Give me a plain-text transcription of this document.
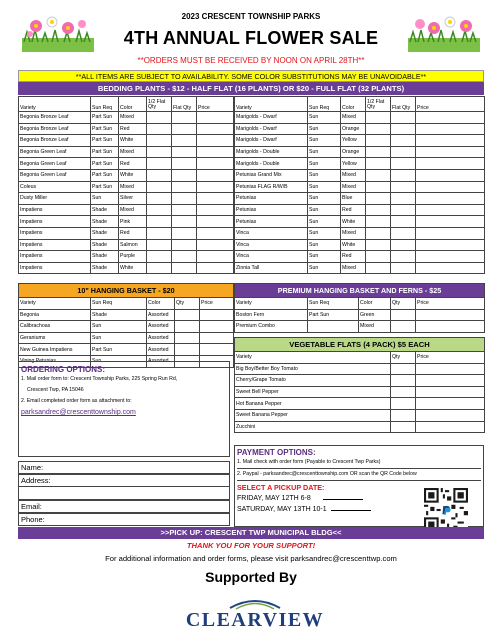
2023 CRESCENT TOWNSHIP PARKS
4TH ANNUAL FLOWER SALE
**ORDERS MUST BE RECEIVED BY NOON ON APRIL 28TH**
**ALL ITEMS ARE SUBJECT TO AVAILABILITY. SOME COLOR SUBSTITUTIONS MAY BE UNAVOIDABLE**
BEDDING PLANTS - $12 - HALF FLAT (16 PLANTS) OR $20 - FULL FLAT (32 PLANTS)
Variety	Sun Req	Color	1/2 Flat Qty	Flat Qty	Price
Begonia Bronze Leaf	Part Sun	Mixed			
Begonia Bronze Leaf	Part Sun	Red			
Begonia Bronze Leaf	Part Sun	White			
Begonia Green Leaf	Part Sun	Mixed			
Begonia Green Leaf	Part Sun	Red			
Begonia Green Leaf	Part Sun	White			
Coleus	Part Sun	Mixed			
Dusty Miller	Sun	Silver			
Impatiens	Shade	Mixed			
Impatiens	Shade	Pink			
Impatiens	Shade	Red			
Impatiens	Shade	Salmon			
Impatiens	Shade	Purple			
Impatiens	Shade	White			
Variety	Sun Req	Color	1/2 Flat Qty	Flat Qty	Price
Marigolds - Dwarf	Sun	Mixed			
Marigolds - Dwarf	Sun	Orange			
Marigolds - Dwarf	Sun	Yellow			
Marigolds - Double	Sun	Orange			
Marigolds - Double	Sun	Yellow			
Petunias Grand Mix	Sun	Mixed			
Petunias FLAG R/W/B	Sun	Mixed			
Petunias	Sun	Blue			
Petunias	Sun	Red			
Petunias	Sun	White			
Vinca	Sun	Mixed			
Vinca	Sun	White			
Vinca	Sun	Red			
Zinnia Tall	Sun	Mixed			
10" HANGING BASKET - $20				
Variety	Sun Req	Color	Qty	Price
Begonia	Shade	Assorted		
Calibrachoas	Sun	Assorted		
Geraniums	Sun	Assorted		
New Guinea Impatiens	Part Sun	Assorted		
Vining Petunias	Sun	Assorted		
PREMIUM HANGING BASKET AND FERNS - $25				
Variety	Sun Req	Color	Qty	Price
Boston Fern	Part Sun	Green		
Premium Combo		Mixed		
VEGETABLE FLATS (4 PACK) $5 EACH		
Variety	Qty	Price
Big Boy/Better Boy Tomato		
Cherry/Grape Tomato		
Sweet Bell Pepper		
Hot Banana Pepper		
Sweet Banana Pepper		
Zucchini		
ORDERING OPTIONS:
1. Mail order form to: Crescent Township Parks, 225 Spring Run Rd,
Crescent Twp, PA 15046
2. Email completed order form as attachment to:
parksandrec@crescenttownship.com
Name:
Address:
Email:
Phone:
PAYMENT OPTIONS:
1. Mail check with order form (Payable to Crescent Twp Parks)
2. Paypal - parksandrec@crescenttownship.com OR scan the QR Code below
SELECT A PICKUP DATE:
FRIDAY, MAY 12TH 6-8
SATURDAY, MAY 13TH 10-1
>>PICK UP: CRESCENT TWP MUNICIPAL BLDG<<
THANK YOU FOR YOUR SUPPORT!
For additional information and order forms, please visit parksandrec@crescenttwp.com
Supported By
CLEARVIEW
